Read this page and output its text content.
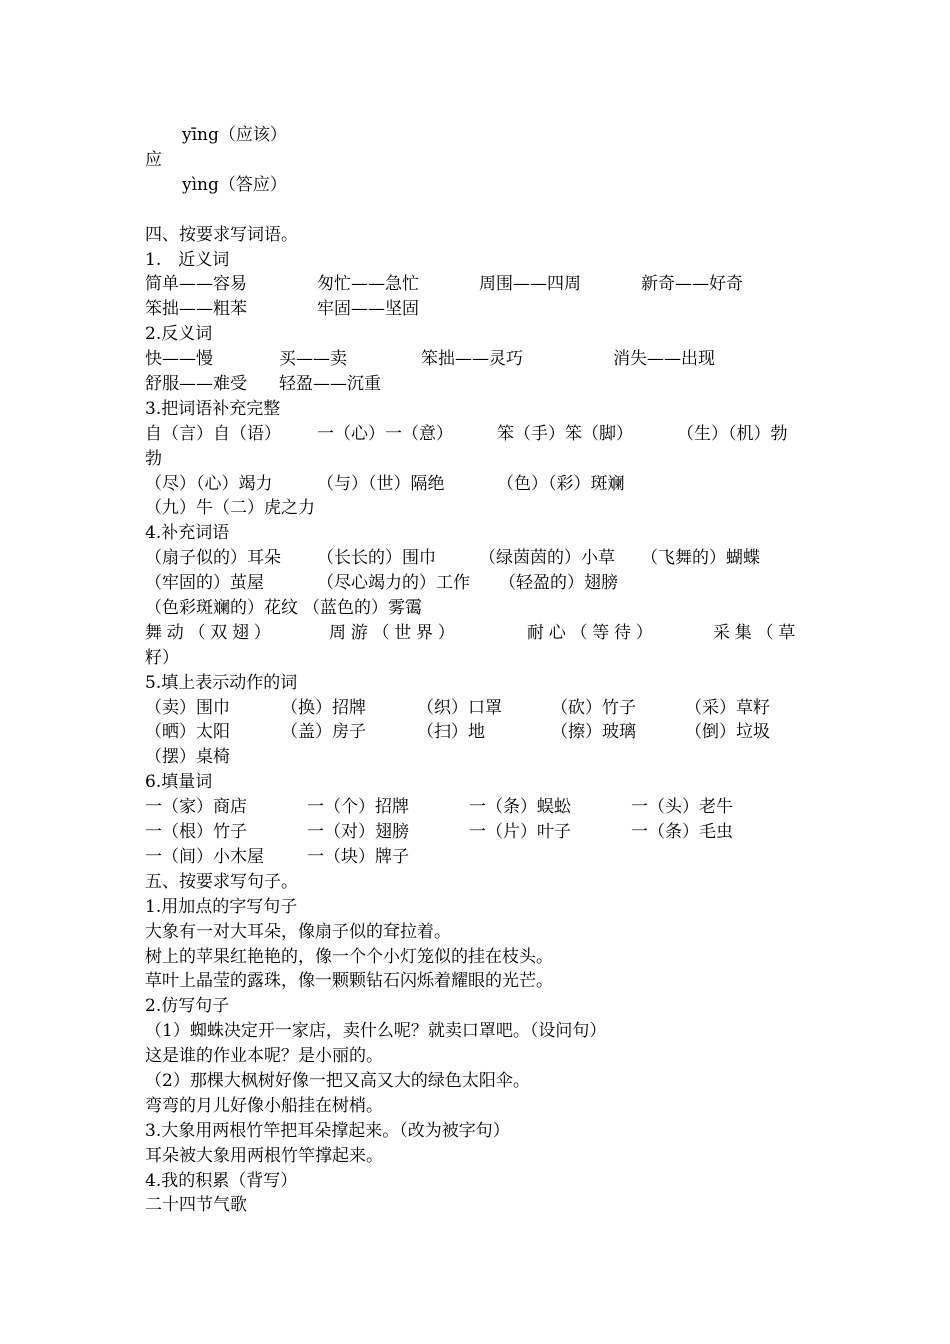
yīng（应该）
应
yìng（答应）
四、按要求写词语。
1.　近义词
简单——容易	匆忙——急忙	周围——四周	新奇——好奇
笨拙——粗苯	牢固——坚固
2.反义词
快——慢	买——卖	笨拙——灵巧	消失——出现
舒服——难受 轻盈——沉重
3.把词语补充完整
自（言）自（语） 一（心）一（意）	笨（手）笨（脚）	（生）（机）勃
勃
（尽）（心）竭力	（与）（世）隔绝	（色）（彩）斑斓
（九）牛（二）虎之力
4.补充词语
（扇子似的）耳朵 （长长的）围巾	（绿茵茵的）小草 （飞舞的）蝴蝶
（牢固的）茧屋	（尽心竭力的）工作 （轻盈的）翅膀
（色彩斑斓的）花纹 （蓝色的）雾霭
舞动（双翅）	周游（世界）	耐心（等待）	采集（草
籽）
5.填上表示动作的词
（卖）围巾	（换）招牌	（织）口罩	（砍）竹子	（采）草籽
（晒）太阳	（盖）房子	（扫）地	（擦）玻璃	（倒）垃圾
（摆）桌椅
6.填量词
一（家）商店	一（个）招牌	一（条）蜈蚣	一（头）老牛
一（根）竹子	一（对）翅膀	一（片）叶子	一（条）毛虫
一（间）小木屋	一（块）牌子
五、按要求写句子。
1.用加点的字写句子
大象有一对大耳朵，像扇子似的耷拉着。
树上的苹果红艳艳的，像一个个小灯笼似的挂在枝头。
草叶上晶莹的露珠，像一颗颗钻石闪烁着耀眼的光芒。
2.仿写句子
（1）蜘蛛决定开一家店，卖什么呢？就卖口罩吧。（设问句）
这是谁的作业本呢？是小丽的。
（2）那棵大枫树好像一把又高又大的绿色太阳伞。
弯弯的月儿好像小船挂在树梢。
3.大象用两根竹竿把耳朵撑起来。（改为被字句）
耳朵被大象用两根竹竿撑起来。
4.我的积累（背写）
二十四节气歌
